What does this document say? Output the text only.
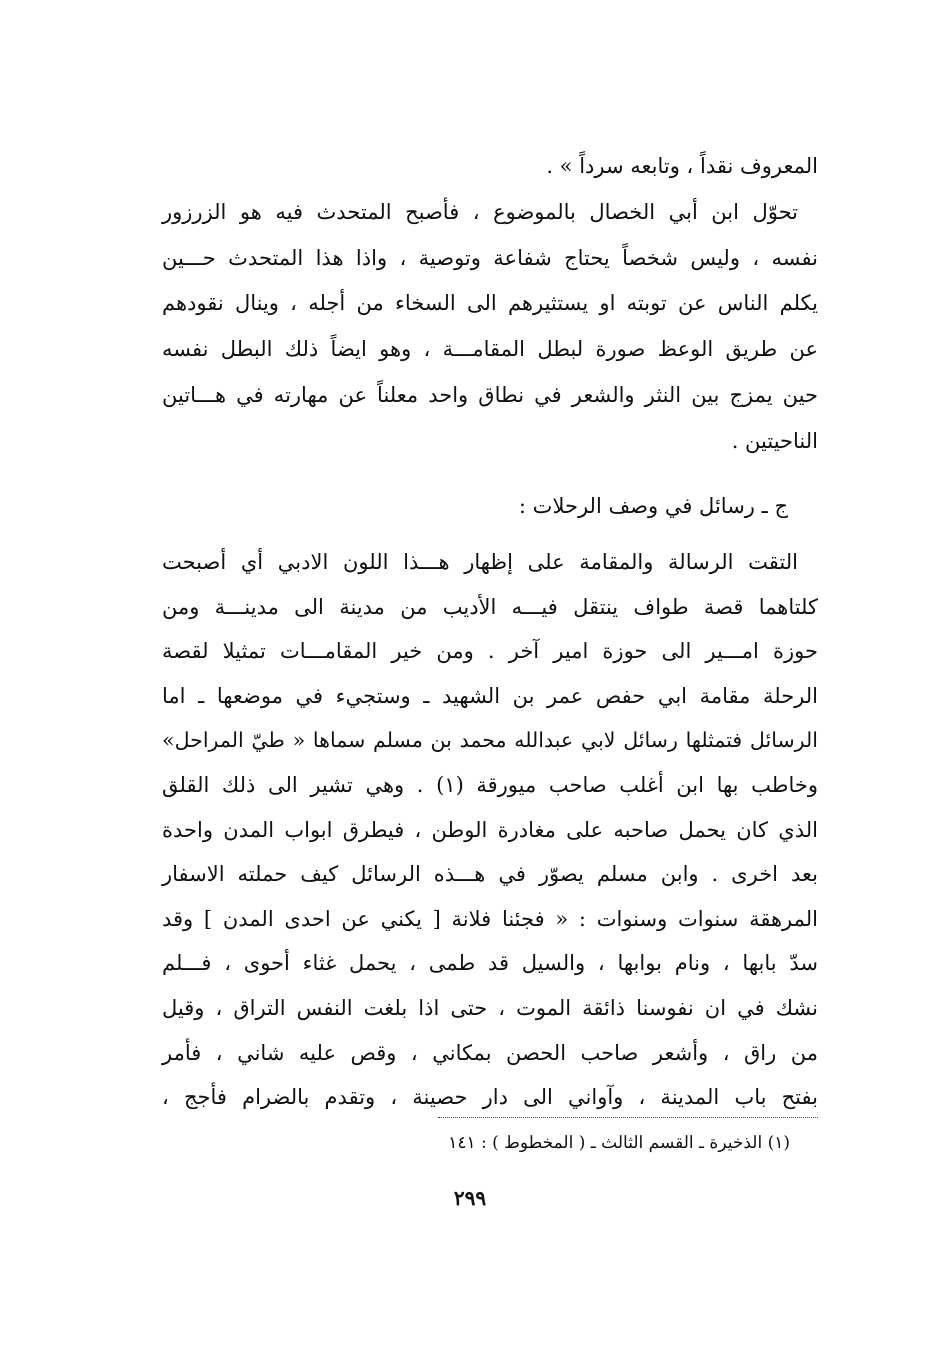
المعروف نقداً ، وتابعه سرداً » .
تحوّل ابن أبي الخصال بالموضوع ، فأصبح المتحدث فيه هو الزرزور
نفسه ، وليس شخصاً يحتاج شفاعة وتوصية ، واذا هذا المتحدث حـــين
يكلم الناس عن توبته او يستثيرهم الى السخاء من أجله ، وينال نقودهم
عن طريق الوعظ صورة لبطل المقامـــة ، وهو ايضاً ذلك البطل نفسه
حين يمزج بين النثر والشعر في نطاق واحد معلناً عن مهارته في هـــاتين
الناحيتين .
ج ـ رسائل في وصف الرحلات :
التقت الرسالة والمقامة على إظهار هـــذا اللون الادبي أي أصبحت
كلتاهما قصة طواف ينتقل فيـــه الأديب من مدينة الى مدينـــة ومن
حوزة امـــير الى حوزة امير آخر . ومن خير المقامـــات تمثيلا لقصة
الرحلة مقامة ابي حفص عمر بن الشهيد ـ وستجيء في موضعها ـ اما
الرسائل فتمثلها رسائل لابي عبدالله محمد بن مسلم سماها « طيّ المراحل»
وخاطب بها ابن أغلب صاحب ميورقة (١) . وهي تشير الى ذلك القلق
الذي كان يحمل صاحبه على مغادرة الوطن ، فيطرق ابواب المدن واحدة
بعد اخرى . وابن مسلم يصوّر في هـــذه الرسائل كيف حملته الاسفار
المرهقة سنوات وسنوات : « فجئنا فلانة [ يكني عن احدى المدن ] وقد
سدّ بابها ، ونام بوابها ، والسيل قد طمى ، يحمل غثاء أحوى ، فـــلم
نشك في ان نفوسنا ذائقة الموت ، حتى اذا بلغت النفس التراق ، وقيل
من راق ، وأشعر صاحب الحصن بمكاني ، وقص عليه شاني ، فأمر
بفتح باب المدينة ، وآواني الى دار حصينة ، وتقدم بالضرام فأجج ،
(١) الذخيرة ـ القسم الثالث ـ ( المخطوط ) : ١٤١
٢٩٩
